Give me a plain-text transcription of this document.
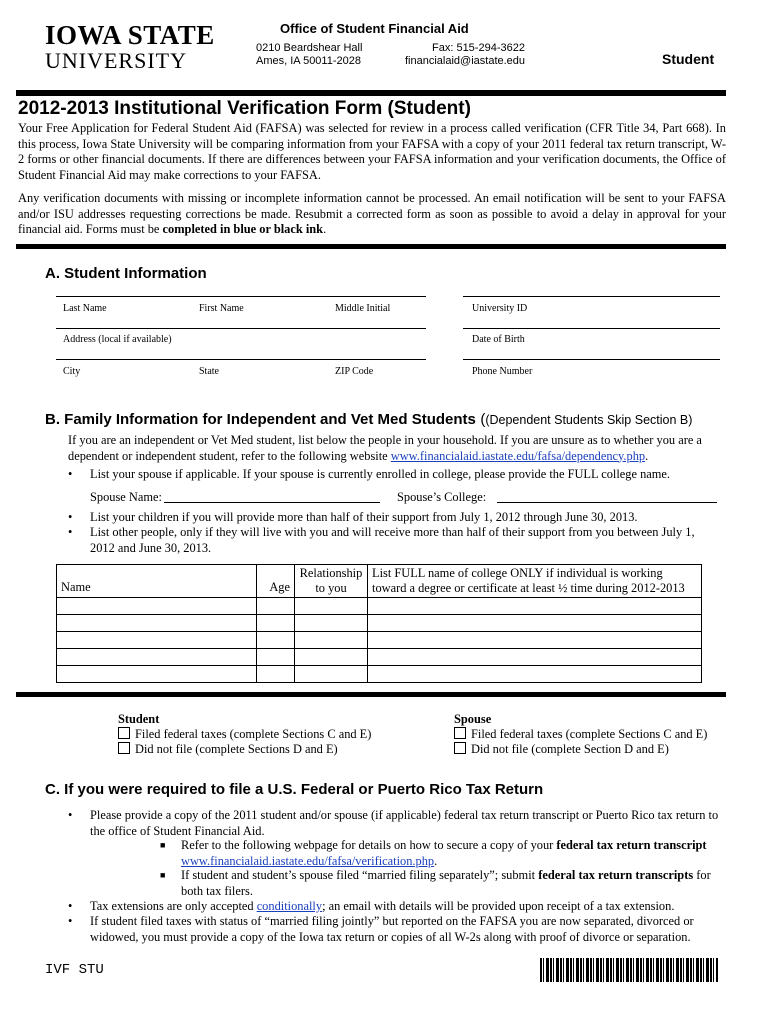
IOWA STATE
UNIVERSITY
Office of Student Financial Aid
0210 Beardshear Hall
Ames, IA 50011-2028
Fax: 515-294-3622
financialaid@iastate.edu	Student
2012-2013 Institutional Verification Form (Student)
Your Free Application for Federal Student Aid (FAFSA) was selected for review in a process called verification (CFR Title 34, Part 668). In this process, Iowa State University will be comparing information from your FAFSA with a copy of your 2011 federal tax return transcript, W-2 forms or other financial documents. If there are differences between your FAFSA information and your verification documents, the Office of Student Financial Aid may make corrections to your FAFSA.
Any verification documents with missing or incomplete information cannot be processed. An email notification will be sent to your FAFSA and/or ISU addresses requesting corrections be made. Resubmit a corrected form as soon as possible to avoid a delay in approval for your financial aid. Forms must be completed in blue or black ink.
A. Student Information
Last Name	First Name	Middle Initial	University ID
Address (local if available)	Date of Birth
City	State	ZIP Code	Phone Number
B. Family Information for Independent and Vet Med Students ((Dependent Students Skip Section B)
If you are an independent or Vet Med student, list below the people in your household. If you are unsure as to whether you are a dependent or independent student, refer to the following website www.financialaid.iastate.edu/fafsa/dependency.php.
• List your spouse if applicable. If your spouse is currently enrolled in college, please provide the FULL college name.
Spouse Name:	Spouse’s College:
• List your children if you will provide more than half of their support from July 1, 2012 through June 30, 2013.
• List other people, only if they will live with you and will receive more than half of their support from you between July 1, 2012 and June 30, 2013.
Name	Age	Relationship to you	List FULL name of college ONLY if individual is working toward a degree or certificate at least ½ time during 2012-2013

Student
Filed federal taxes (complete Sections C and E)
Did not file (complete Sections D and E)
Spouse
Filed federal taxes (complete Sections C and E)
Did not file (complete Section D and E)
C. If you were required to file a U.S. Federal or Puerto Rico Tax Return
• Please provide a copy of the 2011 student and/or spouse (if applicable) federal tax return transcript or Puerto Rico tax return to the office of Student Financial Aid.
■ Refer to the following webpage for details on how to secure a copy of your federal tax return transcript
www.financialaid.iastate.edu/fafsa/verification.php.
■ If student and student’s spouse filed “married filing separately”; submit federal tax return transcripts for both tax filers.
• Tax extensions are only accepted conditionally; an email with details will be provided upon receipt of a tax extension.
• If student filed taxes with status of “married filing jointly” but reported on the FAFSA you are now separated, divorced or widowed, you must provide a copy of the Iowa tax return or copies of all W-2s along with proof of divorce or separation.
IVF STU
